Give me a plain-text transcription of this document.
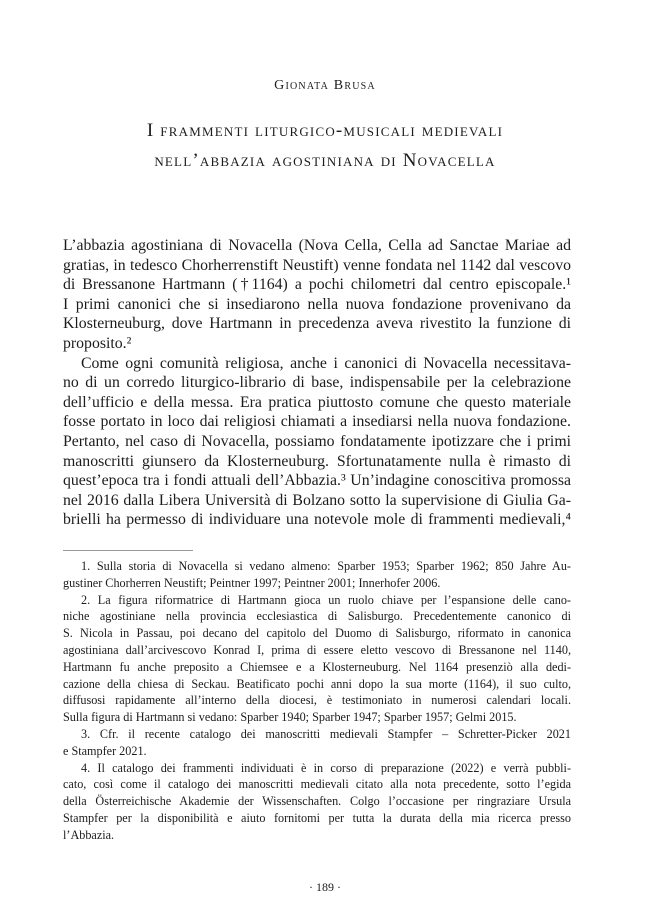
Gionata Brusa
I frammenti liturgico-musicali medievali
nell’abbazia agostiniana di Novacella
L’abbazia agostiniana di Novacella (Nova Cella, Cella ad Sanctae Mariae ad
gratias, in tedesco Chorherrenstift Neustift) venne fondata nel 1142 dal vescovo
di Bressanone Hartmann (†1164) a pochi chilometri dal centro episcopale.¹
I primi canonici che si insediarono nella nuova fondazione provenivano da
Klosterneuburg, dove Hartmann in precedenza aveva rivestito la funzione di
proposito.²
Come ogni comunità religiosa, anche i canonici di Novacella necessitava-
no di un corredo liturgico-librario di base, indispensabile per la celebrazione
dell’ufficio e della messa. Era pratica piuttosto comune che questo materiale
fosse portato in loco dai religiosi chiamati a insediarsi nella nuova fondazione.
Pertanto, nel caso di Novacella, possiamo fondatamente ipotizzare che i primi
manoscritti giunsero da Klosterneuburg. Sfortunatamente nulla è rimasto di
quest’epoca tra i fondi attuali dell’Abbazia.³ Un’indagine conoscitiva promossa
nel 2016 dalla Libera Università di Bolzano sotto la supervisione di Giulia Ga-
brielli ha permesso di individuare una notevole mole di frammenti medievali,⁴
1. Sulla storia di Novacella si vedano almeno: Sparber 1953; Sparber 1962; 850 Jahre Au-
gustiner Chorherren Neustift; Peintner 1997; Peintner 2001; Innerhofer 2006.
2. La figura riformatrice di Hartmann gioca un ruolo chiave per l’espansione delle cano-
niche agostiniane nella provincia ecclesiastica di Salisburgo. Precedentemente canonico di
S. Nicola in Passau, poi decano del capitolo del Duomo di Salisburgo, riformato in canonica
agostiniana dall’arcivescovo Konrad I, prima di essere eletto vescovo di Bressanone nel 1140,
Hartmann fu anche preposito a Chiemsee e a Klosterneuburg. Nel 1164 presenziò alla dedi-
cazione della chiesa di Seckau. Beatificato pochi anni dopo la sua morte (1164), il suo culto,
diffusosi rapidamente all’interno della diocesi, è testimoniato in numerosi calendari locali.
Sulla figura di Hartmann si vedano: Sparber 1940; Sparber 1947; Sparber 1957; Gelmi 2015.
3. Cfr. il recente catalogo dei manoscritti medievali Stampfer – Schretter-Picker 2021
e Stampfer 2021.
4. Il catalogo dei frammenti individuati è in corso di preparazione (2022) e verrà pubbli-
cato, così come il catalogo dei manoscritti medievali citato alla nota precedente, sotto l’egida
della Österreichische Akademie der Wissenschaften. Colgo l’occasione per ringraziare Ursula
Stampfer per la disponibilità e aiuto fornitomi per tutta la durata della mia ricerca presso
l’Abbazia.
· 189 ·
